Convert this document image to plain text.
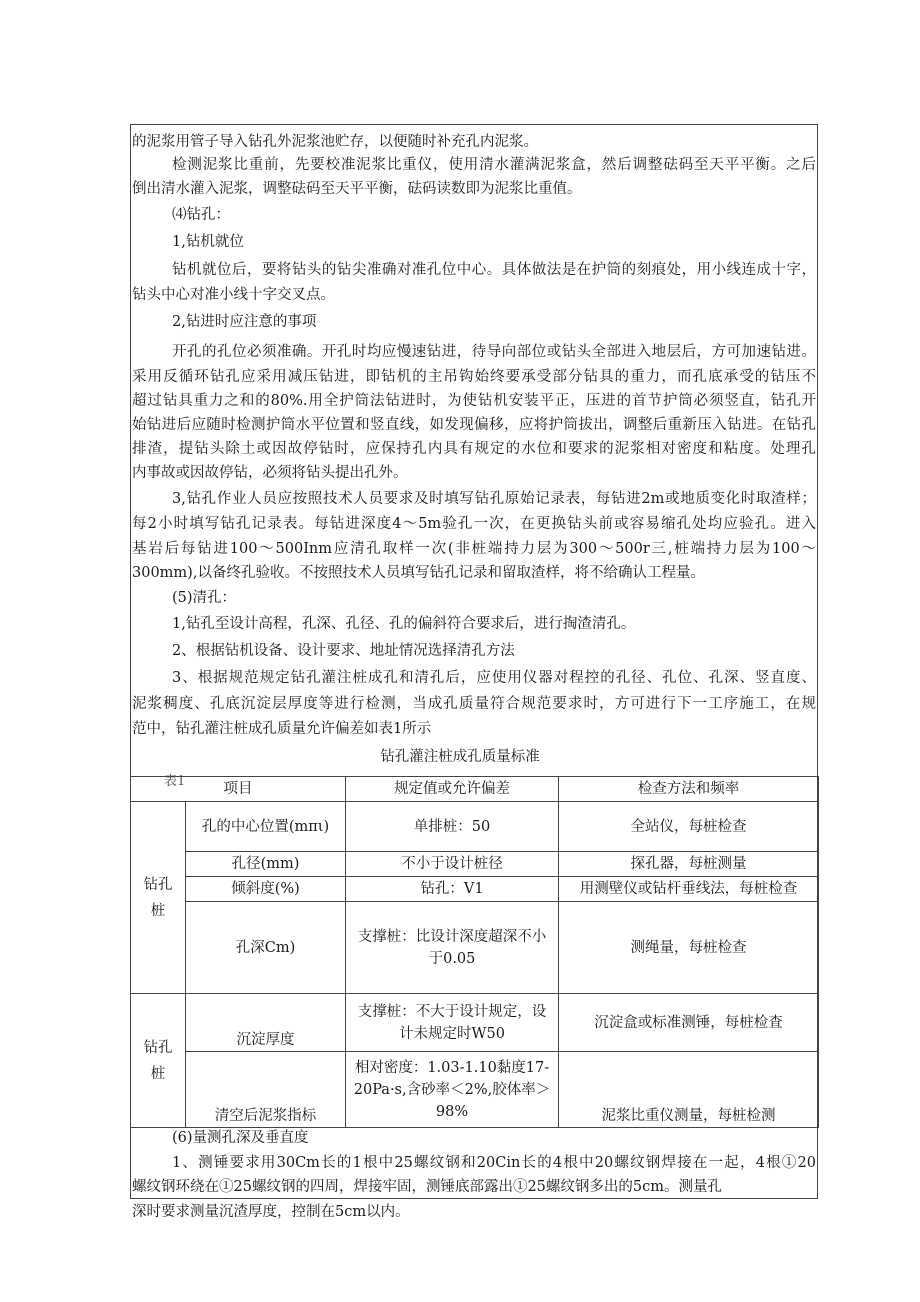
的泥浆用管子导入钻孔外泥浆池贮存，以便随时补充孔内泥浆。
检测泥浆比重前，先要校准泥浆比重仪，使用清水灌满泥浆盒，然后调整砝码至天平平衡。之后
倒出清水灌入泥浆，调整砝码至天平平衡，砝码读数即为泥浆比重值。
⑷钻孔：
1,钻机就位
钻机就位后，要将钻头的钻尖准确对准孔位中心。具体做法是在护筒的刻痕处，用小线连成十字，
钻头中心对准小线十字交叉点。
2,钻进时应注意的事项
开孔的孔位必须准确。开孔时均应慢速钻进，待导向部位或钻头全部进入地层后，方可加速钻进。
采用反循环钻孔应采用减压钻进，即钻机的主吊钩始终要承受部分钻具的重力，而孔底承受的钻压不
超过钻具重力之和的80%.用全护筒法钻进时，为使钻机安装平正，压进的首节护筒必须竖直，钻孔开
始钻进后应随时检测护筒水平位置和竖直线，如发现偏移，应将护筒拔出，调整后重新压入钻进。在钻孔
排渣，提钻头除土或因故停钻时，应保持孔内具有规定的水位和要求的泥浆相对密度和粘度。处理孔
内事故或因故停钻，必须将钻头提出孔外。
3,钻孔作业人员应按照技术人员要求及时填写钻孔原始记录表，每钻进2m或地质变化时取渣样；
每2小时填写钻孔记录表。每钻进深度4～5m验孔一次，在更换钻头前或容易缩孔处均应验孔。进入
基岩后每钻进100～500Inm应清孔取样一次(非桩端持力层为300～500r三,桩端持力层为100～
300mm),以备终孔验收。不按照技术人员填写钻孔记录和留取渣样，将不给确认工程量。
(5)清孔：
1,钻孔至设计高程，孔深、孔径、孔的偏斜符合要求后，进行掏渣清孔。
2、根据钻机设备、设计要求、地址情况选择清孔方法
3、根据规范规定钻孔灌注桩成孔和清孔后，应使用仪器对程控的孔径、孔位、孔深、竖直度、
泥浆稠度、孔底沉淀层厚度等进行检测，当成孔质量符合规范要求时，方可进行下一工序施工，在规
范中，钻孔灌注桩成孔质量允许偏差如表1所示
钻孔灌注桩成孔质量标准
表1	项目		规定值或允许偏差	检查方法和频率
钻孔桩	孔的中心位置(mπι)	单排桩：50	全站仪，每桩检查
	孔径(mm)	不小于设计桩径	探孔器，每桩测量
	倾斜度(%)	钻孔：V1	用测壁仪或钻杆垂线法，每桩检查
	孔深Cm)	支撑桩：比设计深度超深不小于0.05	测绳量，每桩检查
钻孔桩	沉淀厚度	支撑桩：不大于设计规定，设计未规定时W50	沉淀盒或标准测锤，每桩检査
	清空后泥浆指标	相对密度：1.03-1.10黏度17-20Pa·s,含砂率＜2%,胶体率＞98%	泥浆比重仪测量，每桩检测
(6)量测孔深及垂直度
1、测锤要求用30Cm长的1根中25螺纹钢和20Cin长的4根中20螺纹钢焊接在一起，4根①20
螺纹钢环绕在①25螺纹钢的四周，焊接牢固，测锤底部露出①25螺纹钢多出的5cm。测量孔
深时要求测量沉渣厚度，控制在5cm以内。
